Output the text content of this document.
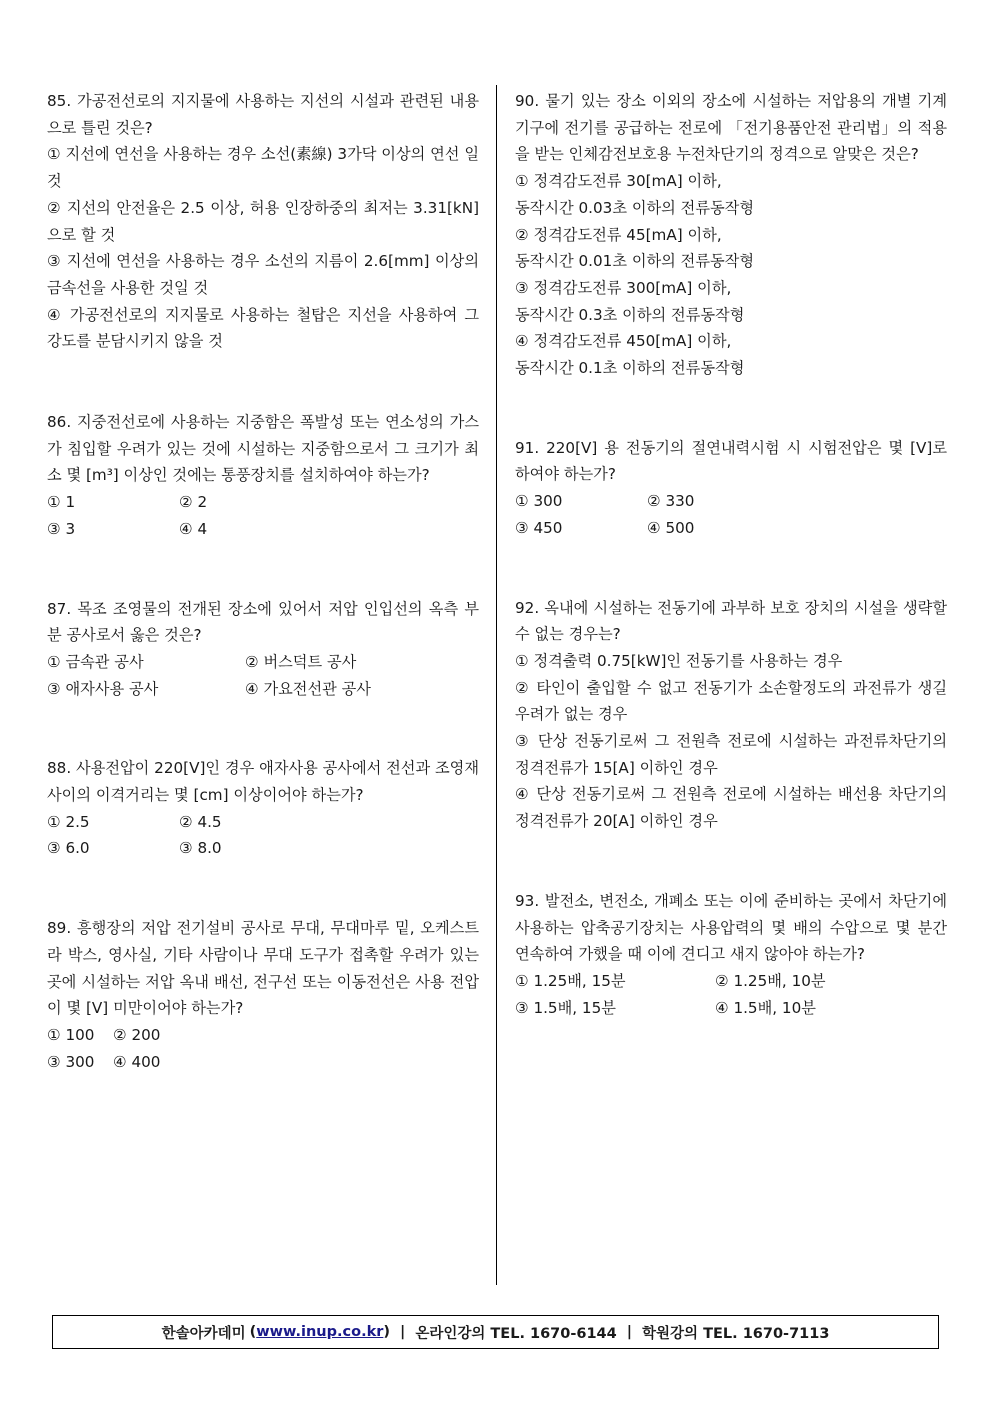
85. 가공전선로의 지지물에 사용하는 지선의 시설과 관련된 내용으로 틀린 것은?
① 지선에 연선을 사용하는 경우 소선(素線) 3가닥 이상의 연선 일 것
② 지선의 안전율은 2.5 이상, 허용 인장하중의 최저는 3.31[kN]으로 할 것
③ 지선에 연선을 사용하는 경우 소선의 지름이 2.6[mm] 이상의 금속선을 사용한 것일 것
④ 가공전선로의 지지물로 사용하는 철탑은 지선을 사용하여 그 강도를 분담시키지 않을 것
86. 지중전선로에 사용하는 지중함은 폭발성 또는 연소성의 가스가 침입할 우려가 있는 것에 시설하는 지중함으로서 그 크기가 최소 몇 [m³] 이상인 것에는 통풍장치를 설치하여야 하는가?
① 1	② 2
③ 3	④ 4
87. 목조 조영물의 전개된 장소에 있어서 저압 인입선의 옥측 부분 공사로서 옳은 것은?
① 금속관 공사	② 버스덕트 공사
③ 애자사용 공사	④ 가요전선관 공사
88. 사용전압이 220[V]인 경우 애자사용 공사에서 전선과 조영재 사이의 이격거리는 몇 [cm] 이상이어야 하는가?
① 2.5	② 4.5
③ 6.0	③ 8.0
89. 흥행장의 저압 전기설비 공사로 무대, 무대마루 밑, 오케스트라 박스, 영사실, 기타 사람이나 무대 도구가 접촉할 우려가 있는 곳에 시설하는 저압 옥내 배선, 전구선 또는 이동전선은 사용 전압이 몇 [V] 미만이어야 하는가?
① 100	② 200
③ 300	④ 400
90. 물기 있는 장소 이외의 장소에 시설하는 저압용의 개별 기계기구에 전기를 공급하는 전로에 「전기용품안전 관리법」의 적용을 받는 인체감전보호용 누전차단기의 정격으로 알맞은 것은?
① 정격감도전류 30[mA] 이하,
동작시간 0.03초 이하의 전류동작형
② 정격감도전류 45[mA] 이하,
동작시간 0.01초 이하의 전류동작형
③ 정격감도전류 300[mA] 이하,
동작시간 0.3초 이하의 전류동작형
④ 정격감도전류 450[mA] 이하,
동작시간 0.1초 이하의 전류동작형
91. 220[V] 용 전동기의 절연내력시험 시 시험전압은 몇 [V]로 하여야 하는가?
① 300	② 330
③ 450	④ 500
92. 옥내에 시설하는 전동기에 과부하 보호 장치의 시설을 생략할 수 없는 경우는?
① 정격출력 0.75[kW]인 전동기를 사용하는 경우
② 타인이 출입할 수 없고 전동기가 소손할정도의 과전류가 생길 우려가 없는 경우
③ 단상 전동기로써 그 전원측 전로에 시설하는 과전류차단기의 정격전류가 15[A] 이하인 경우
④ 단상 전동기로써 그 전원측 전로에 시설하는 배선용 차단기의 정격전류가 20[A] 이하인 경우
93. 발전소, 변전소, 개폐소 또는 이에 준비하는 곳에서 차단기에 사용하는 압축공기장치는 사용압력의 몇 배의 수압으로 몇 분간 연속하여 가했을 때 이에 견디고 새지 않아야 하는가?
① 1.25배, 15분	② 1.25배, 10분
③ 1.5배, 15분	④ 1.5배, 10분
한솔아카데미 ( www.inup.co.kr ) | 온라인강의 TEL. 1670-6144 | 학원강의 TEL. 1670-7113
